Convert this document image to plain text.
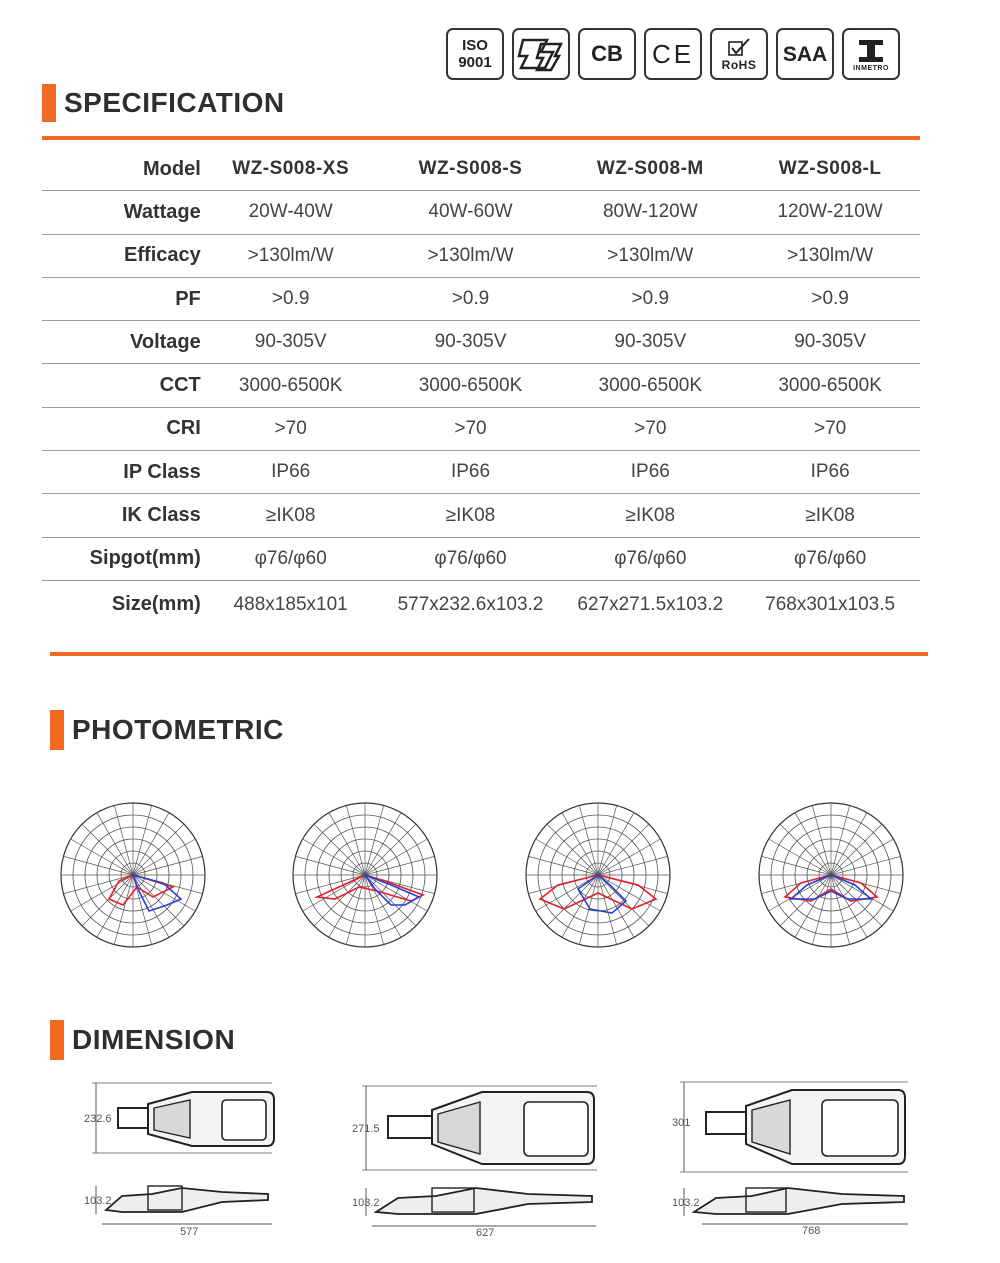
ISO
9001	CB CE RoHS SAA
INMETRO
SPECIFICATION
Model	WZ-S008-XS	WZ-S008-S	WZ-S008-M	WZ-S008-L
Wattage	20W-40W	40W-60W	80W-120W	120W-210W
Efficacy	>130lm/W	>130lm/W	>130lm/W	>130lm/W
PF	>0.9	>0.9	>0.9	>0.9
Voltage	90-305V	90-305V	90-305V	90-305V
CCT	3000-6500K	3000-6500K	3000-6500K	3000-6500K
CRI	>70	>70	>70	>70
IP Class	IP66	IP66	IP66	IP66
IK Class	≥IK08	≥IK08	≥IK08	≥IK08
Sipgot(mm)	φ76/φ60	φ76/φ60	φ76/φ60	φ76/φ60
Size(mm)	488x185x101	577x232.6x103.2	627x271.5x103.2	768x301x103.5
PHOTOMETRIC
DIMENSION
232.6
103.2
577
271.5
103.2
627
301
103.2
768
